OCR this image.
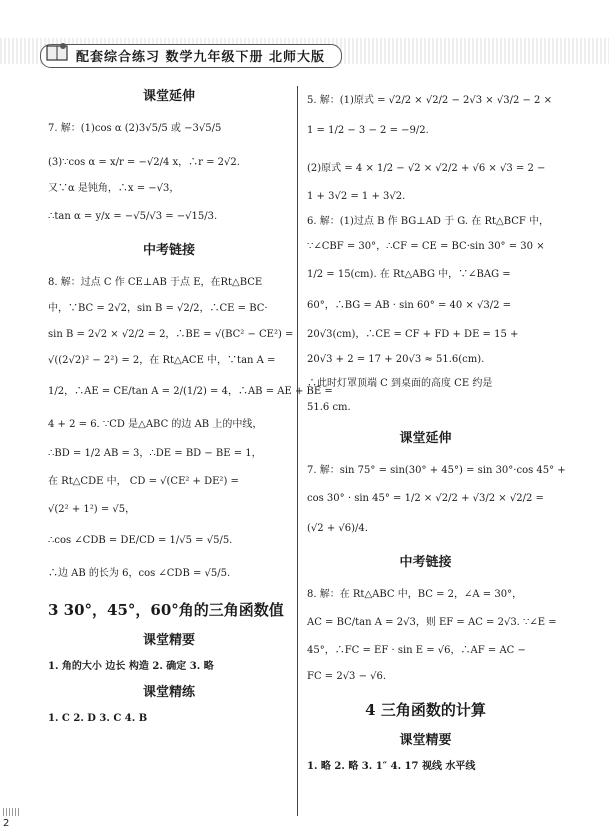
配套综合练习 数学九年级下册 北师大版

课堂延伸

7. 解：(1)cos α (2)3√5/5 或 −3√5/5

(3)∵cos α = x/r = −√2/4 x，∴r = 2√2.

又∵α 是钝角，∴x = −√3，

∴tan α = y/x = −√5/√3 = −√15/3.

中考链接

8. 解：过点 C 作 CE⊥AB 于点 E，在Rt△BCE

中，∵BC = 2√2，sin B = √2/2，∴CE = BC·

sin B = 2√2 × √2/2 = 2，∴BE = √(BC² − CE²) =

√((2√2)² − 2²) = 2，在 Rt△ACE 中，∵tan A =

1/2，∴AE = CE/tan A = 2/(1/2) = 4，∴AB = AE + BE =

4 + 2 = 6. ∵CD 是△ABC 的边 AB 上的中线，

∴BD = 1/2 AB = 3，∴DE = BD − BE = 1，

在 Rt△CDE 中， CD = √(CE² + DE²) =

√(2² + 1²) = √5，

∴cos ∠CDB = DE/CD = 1/√5 = √5/5.

∴边 AB 的长为 6，cos ∠CDB = √5/5.

3 30°，45°，60°角的三角函数值

课堂精要

1. 角的大小 边长 构造 2. 确定 3. 略

课堂精练

1. C 2. D 3. C 4. B

5. 解：(1)原式 = √2/2 × √2/2 − 2√3 × √3/2 − 2 ×

1 = 1/2 − 3 − 2 = −9/2.

(2)原式 = 4 × 1/2 − √2 × √2/2 + √6 × √3 = 2 −

1 + 3√2 = 1 + 3√2.

6. 解：(1)过点 B 作 BG⊥AD 于 G. 在 Rt△BCF 中，

∵∠CBF = 30°，∴CF = CE = BC·sin 30° = 30 ×

1/2 = 15(cm). 在 Rt△ABG 中，∵∠BAG =

60°，∴BG = AB · sin 60° = 40 × √3/2 =

20√3(cm)，∴CE = CF + FD + DE = 15 +

20√3 + 2 = 17 + 20√3 ≈ 51.6(cm).

∴此时灯罩顶端 C 到桌面的高度 CE 约是

51.6 cm.

课堂延伸

7. 解：sin 75° = sin(30° + 45°) = sin 30°·cos 45° +

cos 30° · sin 45° = 1/2 × √2/2 + √3/2 × √2/2 =

(√2 + √6)/4.

中考链接

8. 解：在 Rt△ABC 中，BC = 2，∠A = 30°，

AC = BC/tan A = 2√3，则 EF = AC = 2√3. ∵∠E =

45°，∴FC = EF · sin E = √6，∴AF = AC −

FC = 2√3 − √6.

4 三角函数的计算

课堂精要

1. 略 2. 略 3. 1″ 4. 17 视线 水平线

2
